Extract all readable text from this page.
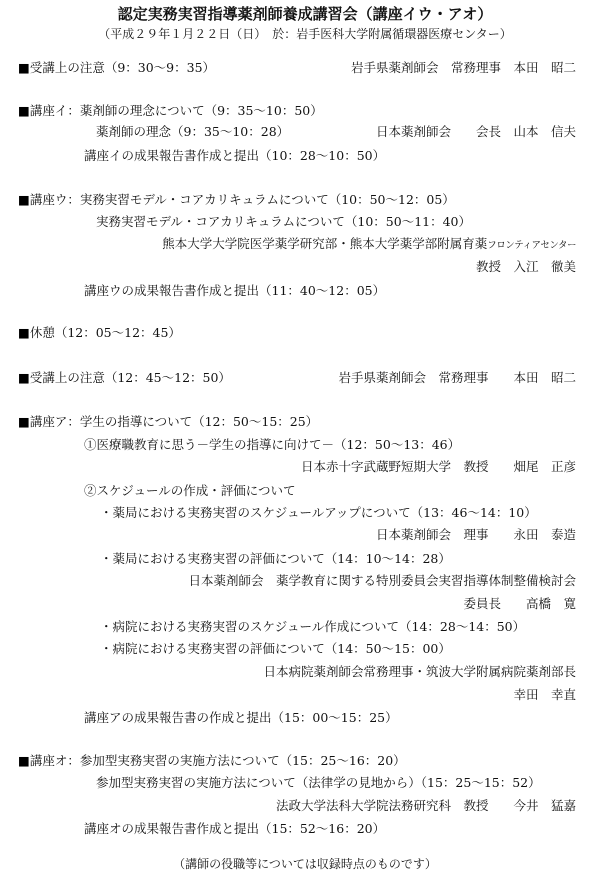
認定実務実習指導薬剤師養成講習会（講座イウ・アオ）
（平成２９年１月２２日（日）　於：岩手医科大学附属循環器医療センター）
■受講上の注意（9：30〜9：35）	岩手県薬剤師会　常務理事　本田　昭二
■講座イ：薬剤師の理念について（9：35〜10：50）
薬剤師の理念（9：35〜10：28）	日本薬剤師会　　会長　山本　信夫
講座イの成果報告書作成と提出（10：28〜10：50）
■講座ウ：実務実習モデル・コアカリキュラムについて（10：50〜12：05）
実務実習モデル・コアカリキュラムについて（10：50〜11：40）
熊本大学大学院医学薬学研究部・熊本大学薬学部附属育薬フロンティアセンター
教授　入江　徹美
講座ウの成果報告書作成と提出（11：40〜12：05）
■休憩（12：05〜12：45）
■受講上の注意（12：45〜12：50）	岩手県薬剤師会　常務理事　　本田　昭二
■講座ア：学生の指導について（12：50〜15：25）
①医療職教育に思う－学生の指導に向けて－（12：50〜13：46）
日本赤十字武蔵野短期大学　教授　　畑尾　正彦
②スケジュールの作成・評価について
・薬局における実務実習のスケジュールアップについて（13：46〜14：10）
日本薬剤師会　理事　　永田　泰造
・薬局における実務実習の評価について（14：10〜14：28）
日本薬剤師会　薬学教育に関する特別委員会実習指導体制整備検討会
委員長　　高橋　寛
・病院における実務実習のスケジュール作成について（14：28〜14：50）
・病院における実務実習の評価について（14：50〜15：00）
日本病院薬剤師会常務理事・筑波大学附属病院薬剤部長
幸田　幸直
講座アの成果報告書の作成と提出（15：00〜15：25）
■講座オ：参加型実務実習の実施方法について（15：25〜16：20）
参加型実務実習の実施方法について（法律学の見地から）（15：25〜15：52）
法政大学法科大学院法務研究科　教授　　今井　猛嘉
講座オの成果報告書作成と提出（15：52〜16：20）
（講師の役職等については収録時点のものです）
